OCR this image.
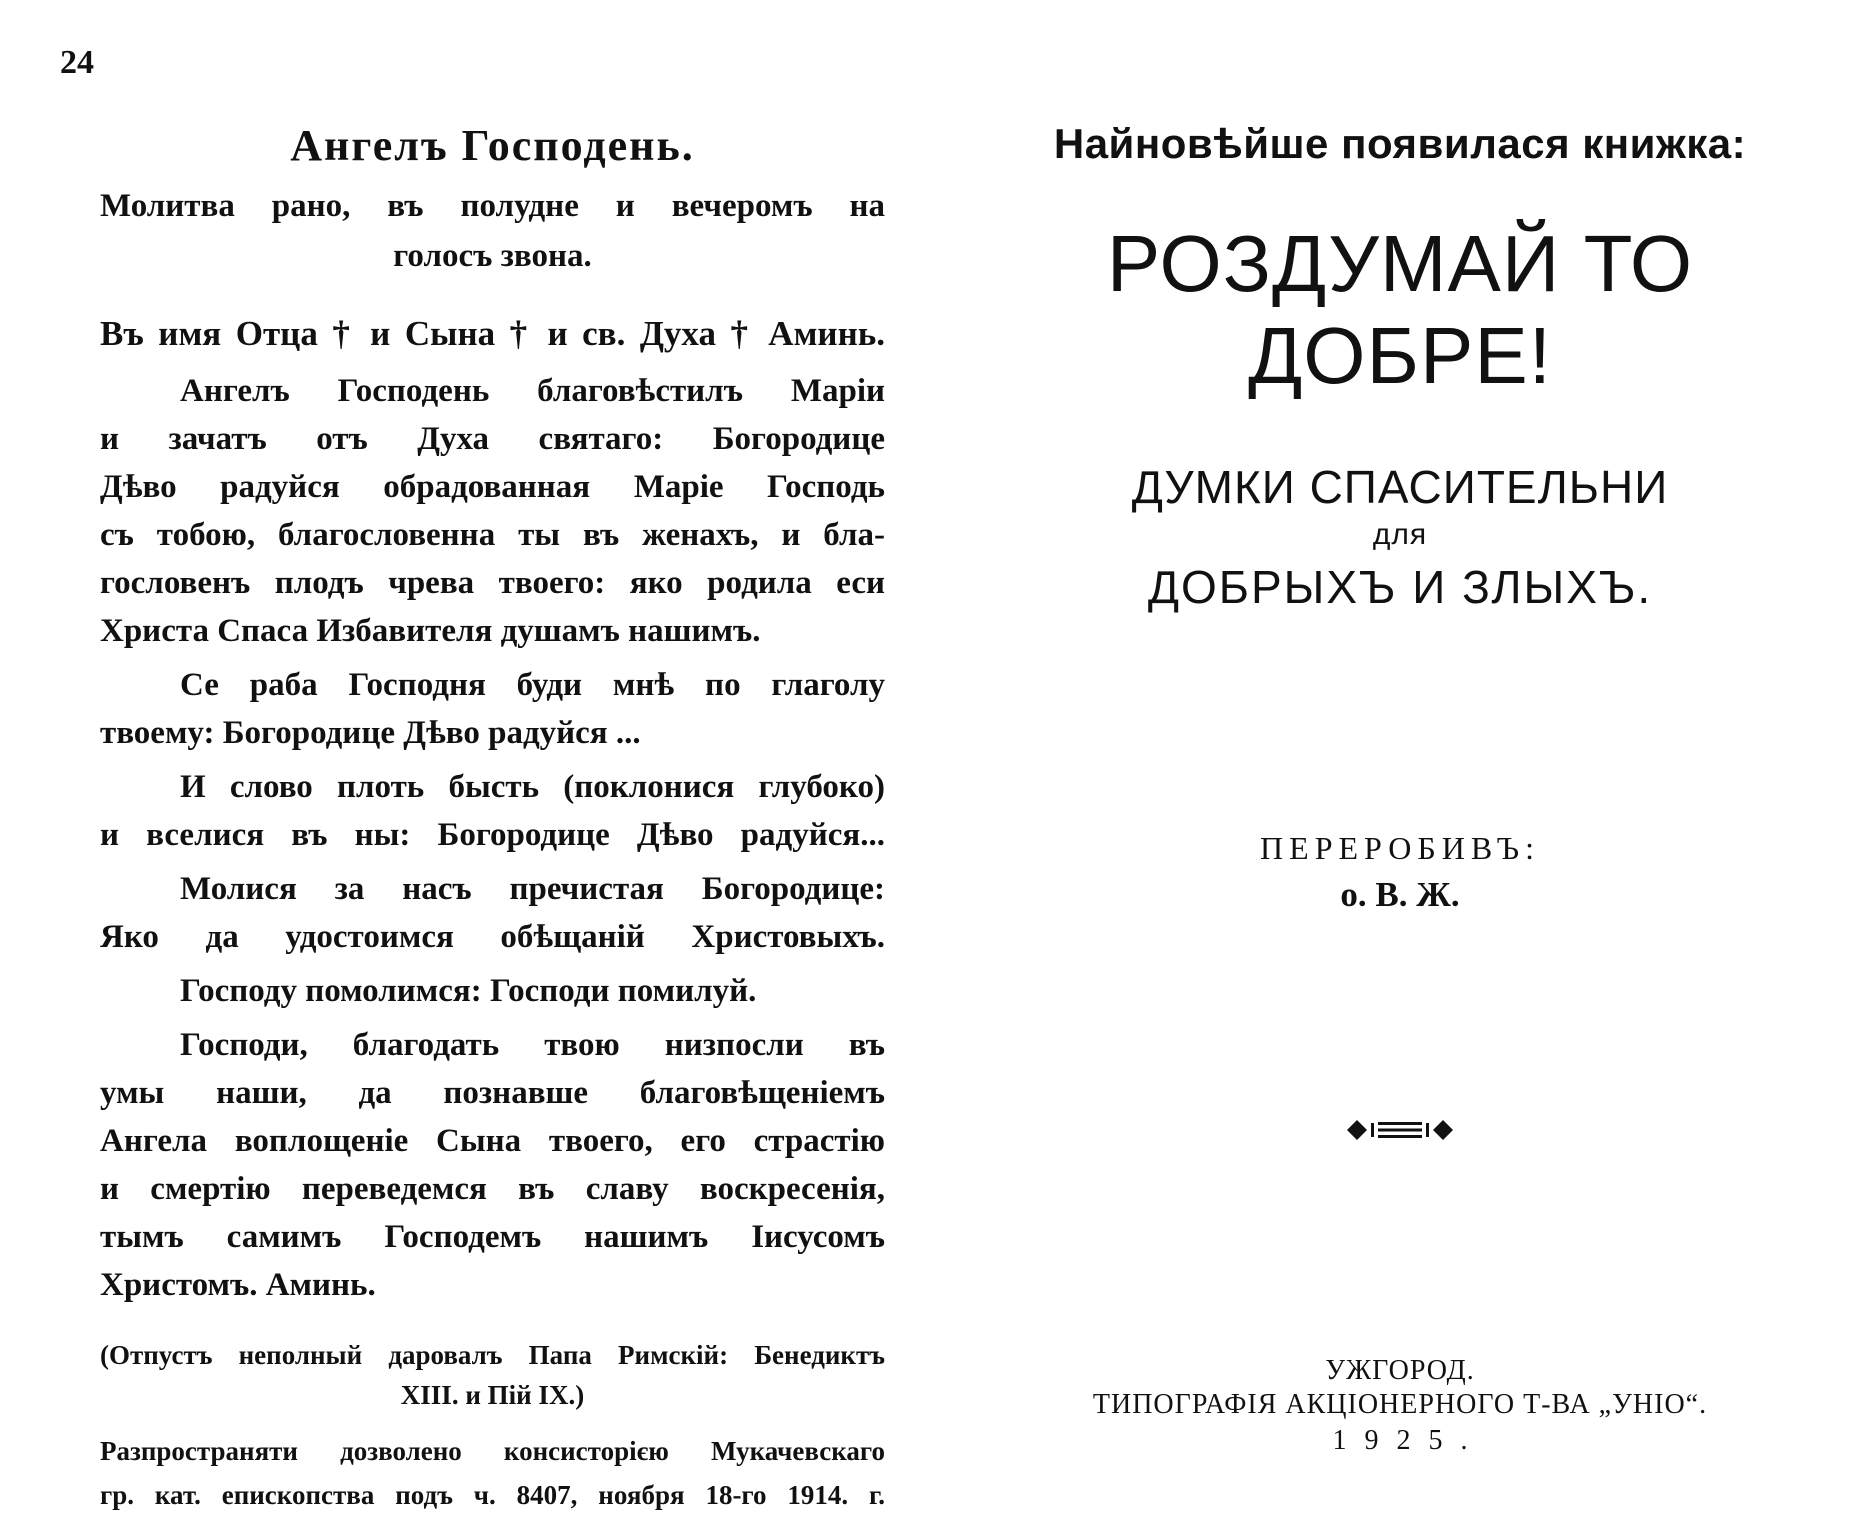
24
Ангелъ Господень.

Молитва рано, въ полудне и вечеромъ на
голосъ звона.

Въ имя Отца † и Сына † и св. Духа † Аминь.

Ангелъ Господень благовѣстилъ Маріи
и зачатъ отъ Духа святаго: Богородице
Дѣво радуйся обрадованная Маріе Господь
съ тобою, благословенна ты въ женахъ, и бла-
гословенъ плодъ чрева твоего: яко родила еси
Христа Спаса Избавителя душамъ нашимъ.

Се раба Господня буди мнѣ по глаголу
твоему: Богородице Дѣво радуйся ...

И слово плоть бысть (поклонися глубоко)
и вселися въ ны: Богородице Дѣво радуйся...

Молися за насъ пречистая Богородице:
Яко да удостоимся обѣщаній Христовыхъ.

Господу помолимся: Господи помилуй.

Господи, благодать твою низпосли въ
умы наши, да познавше благовѣщеніемъ
Ангела воплощеніе Сына твоего, его страстію
и смертію переведемся въ славу воскресенія,
тымъ самимъ Господемъ нашимъ Іисусомъ
Христомъ. Аминь.

(Отпустъ неполный даровалъ Папа Римскій: Бенедиктъ
XIII. и Пій IX.)
Разпространяти дозволено консисторією Мукачевскаго
гр. кат. епископства подъ ч. 8407, ноября 18-го 1914. г.
Найновѣйше появилася книжка:
РОЗДУМАЙ ТО ДОБРЕ!
ДУМКИ СПАСИТЕЛЬНИ
для
ДОБРЫХЪ И ЗЛЫХЪ.
ПЕРЕРОБИВЪ:
о. В. Ж.
УЖГОРОД.
ТИПОГРАФІЯ АКЦІОНЕРНОГО Т-ВА „УНІО“.
1925.
